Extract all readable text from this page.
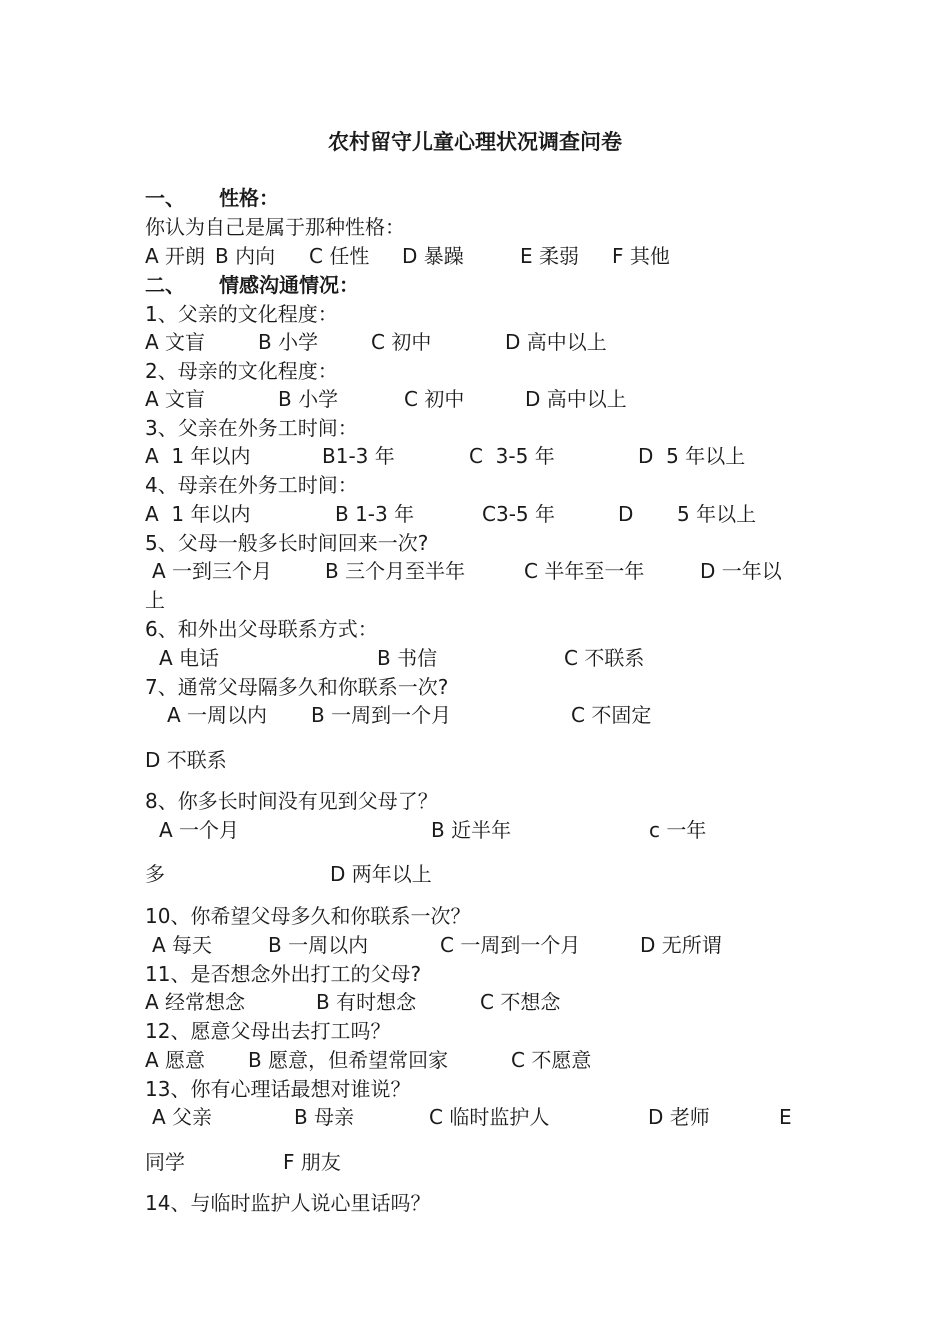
农村留守儿童心理状况调查问卷
一、 性格：
你认为自己是属于那种性格：
A 开朗 B 内向 C 任性 D 暴躁	E 柔弱 F 其他
二、 情感沟通情况：
1、父亲的文化程度：
A 文盲	B 小学	C 初中	D 高中以上
2、母亲的文化程度：
A 文盲	B 小学	C 初中	D 高中以上
3、父亲在外务工时间：
A  1 年以内	B1-3 年	C  3-5 年	D  5 年以上
4、母亲在外务工时间：
A  1 年以内	B 1-3 年	C3-5 年	D 5 年以上
5、父母一般多长时间回来一次?
A 一到三个月	B 三个月至半年	C 半年至一年	D 一年以
上
6、和外出父母联系方式：
A 电话	B 书信	C 不联系
7、通常父母隔多久和你联系一次?
A 一周以内 B 一周到一个月	C 不固定
D 不联系
8、你多长时间没有见到父母了？
A 一个月	B 近半年	c 一年
多	D 两年以上
10、你希望父母多久和你联系一次？
A 每天	B 一周以内	C 一周到一个月	D 无所谓
11、是否想念外出打工的父母?
A 经常想念	B 有时想念	C 不想念
12、愿意父母出去打工吗？
A 愿意 B 愿意，但希望常回家	C 不愿意
13、你有心理话最想对谁说？
A 父亲	B 母亲	C 临时监护人	D 老师	E
同学	F 朋友
14、与临时监护人说心里话吗？
